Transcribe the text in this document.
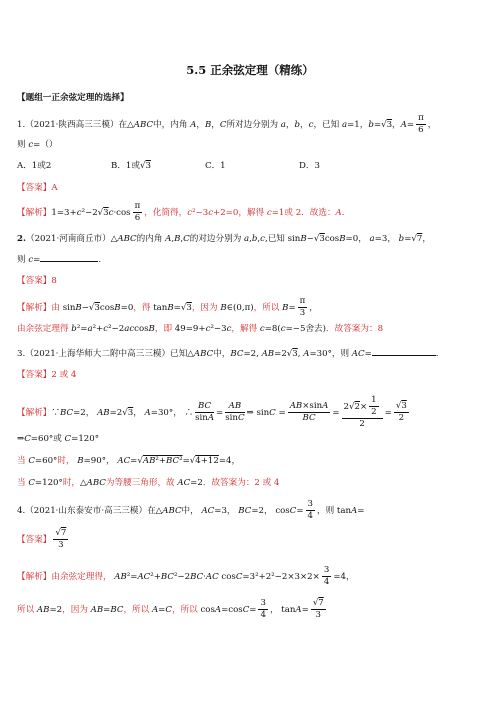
5.5 正余弦定理（精练）
【题组一正余弦定理的选择】
1.（2021·陕西高三三模）在△ABC中，内角 A，B，C所对边分别为 a，b，c，已知 a=1，b=√3，$A= \frac{\pi}{6}$ ，
则 c=（）
A．1或2	B．1或√3	C．1	D．3
【答案】A
【解析】$1=3+c^2-2√3c\cdot\cos \frac{\pi}{6}$ ，化简得，c²−3c+2=0，解得 c=1或 2．故选：A.
2.（2021·河南商丘市）△ABC的内角 A,B,C的对边分别为 a,b,c,已知 sinB−√3cosB=0， a=3， b=√7，
则 c=	.
【答案】8
【解析】由 sinB−√3cosB=0，得 tanB=√3，因为 B∈(0,π)，所以 $B= \frac{\pi}{3}$ ，
由余弦定理得 b²=a²+c²−2accosB，即 49=9+c²−3c，解得 c=8(c=−5舍去)．故答案为：8
3.（2021·上海华师大二附中高三三模）已知△ABC中，BC=2, AB=2√3, A=30°，则 AC=	.
【答案】2 或 4
【解析】∵BC=2， AB=2√3， A=30°， ∴ $\frac{BC}{\sin A} = \frac{AB}{\sin C}$ ⇒ $\sin C = \frac{AB\times\sin A}{BC} = \frac{2√2\times \frac{1}{2}}{2} = \frac{√3}{2}$
⇒C=60°或 C=120°
当 C=60°时， B=90°， AC=√AB²+BC²=√4+12=4，
当 C=120°时，△ABC为等腰三角形，故 AC=2．故答案为：2 或 4
4.（2021·山东泰安市·高三三模）在△ABC中， AC=3， BC=2， $\cos C= \frac{3}{4}$ ，则 tanA=
【答案】 $\frac{√7}{3}$
【解析】由余弦定理得， AB²=AC²+BC²−2BC·AC $\cos C=3^2+2^2-2\times 3\times 2\times \frac{3}{4} =4$，
所以 AB=2，因为 AB=BC，所以 A=C，所以 $\cos A=\cos C= \frac{3}{4}$ ， $\tan A= \frac{√7}{3}$
